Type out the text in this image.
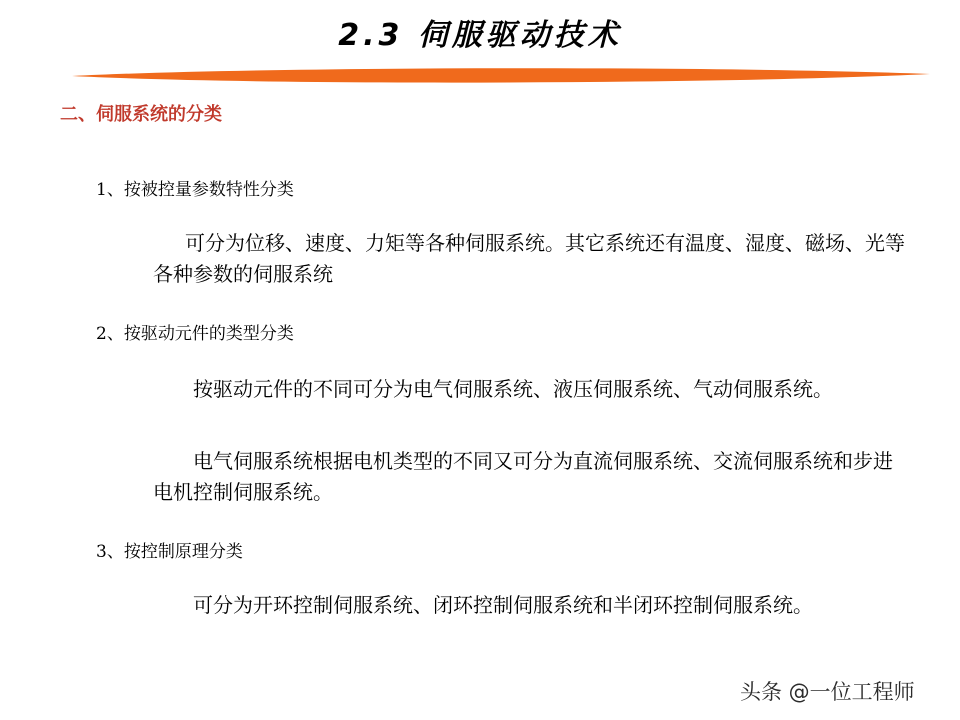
2.3 伺服驱动技术
二、伺服系统的分类
1、按被控量参数特性分类
可分为位移、速度、力矩等各种伺服系统。其它系统还有温度、湿度、磁场、光等各种参数的伺服系统
2、按驱动元件的类型分类
按驱动元件的不同可分为电气伺服系统、液压伺服系统、气动伺服系统。
电气伺服系统根据电机类型的不同又可分为直流伺服系统、交流伺服系统和步进电机控制伺服系统。
3、按控制原理分类
可分为开环控制伺服系统、闭环控制伺服系统和半闭环控制伺服系统。
头条 @一位工程师
